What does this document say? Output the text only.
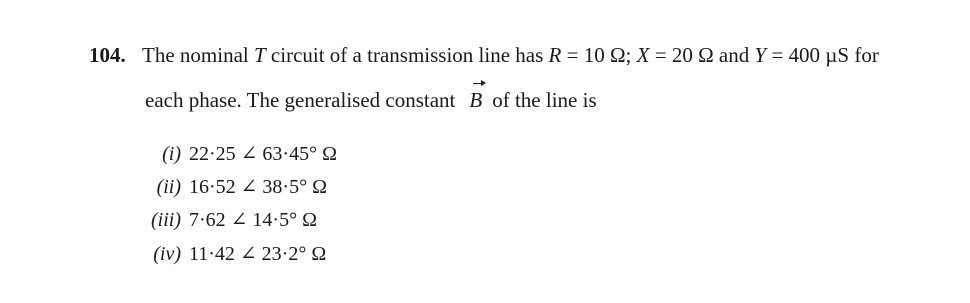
104. The nominal T circuit of a transmission line has R = 10 Ω; X = 20 Ω and Y = 400 µS for
each phase. The generalised constant B of the line is
(i) 22·25 ∠ 63·45° Ω
(ii) 16·52 ∠ 38·5° Ω
(iii) 7·62 ∠ 14·5° Ω
(iv) 11·42 ∠ 23·2° Ω
